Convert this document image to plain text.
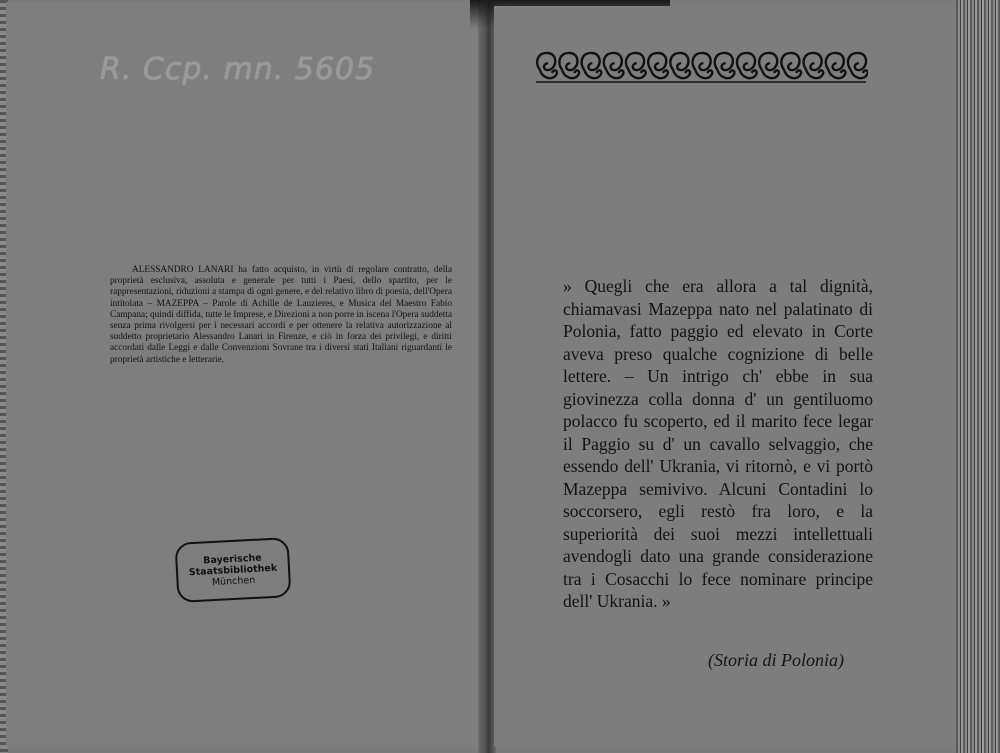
R. Ccp. mn. 5605
ALESSANDRO LANARI ha fatto acquisto, in virtù di regolare contratto, della proprietà esclusiva, assoluta e generale per tutti i Paesi, dello spartito, per le rappresentazioni, riduzioni a stampa di ogni genere, e del relativo libro di poesia, dell'Opera intitolata – MAZEPPA – Parole di Achille de Lauzieres, e Musica del Maestro Fabio Campana; quindi diffida, tutte le Imprese, e Direzioni a non porre in iscena l'Opera suddetta senza prima rivolgersi per i necessari accordi e per ottenere la relativa autorizzazione al suddetto proprietario Alessandro Lanari in Firenze, e ciò in forza dei privilegi, e diritti accordati dalle Leggi e dalle Convenzioni Sovrane tra i diversi stati Italiani riguardanti le proprietà artistiche e letterarie.
Bayerische
Staatsbibliothek
München

» Quegli che era allora a tal dignità, chiamavasi Mazeppa nato nel palatinato di Polonia, fatto paggio ed elevato in Corte aveva preso qualche cognizione di belle lettere. – Un intrigo ch' ebbe in sua giovinezza colla donna d' un gentiluomo polacco fu scoperto, ed il marito fece legar il Paggio su d' un cavallo selvaggio, che essendo dell' Ukrania, vi ritornò, e vi portò Mazeppa semivivo. Alcuni Contadini lo soccorsero, egli restò fra loro, e la superiorità dei suoi mezzi intellettuali avendogli dato una grande considerazione tra i Cosacchi lo fece nominare principe dell' Ukrania. »

(Storia di Polonia)
